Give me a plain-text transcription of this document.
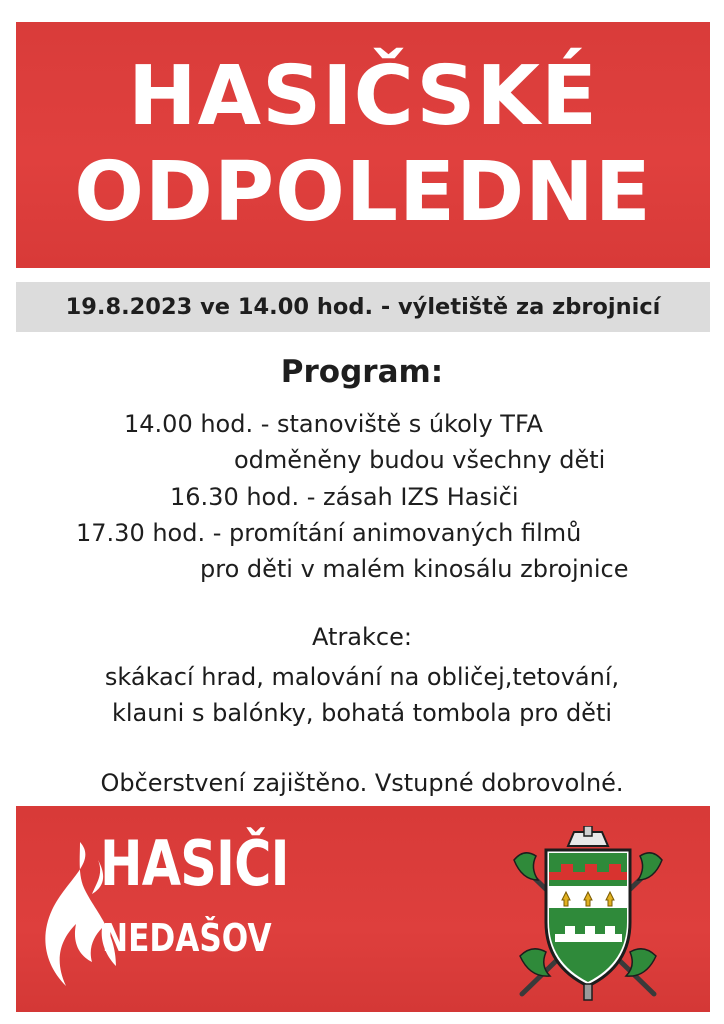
HASIČSKÉ
ODPOLEDNE
19.8.2023 ve 14.00 hod. - výletiště za zbrojnicí
Program:
14.00 hod. - stanoviště s úkoly TFA
odměněny budou všechny děti
16.30 hod. - zásah IZS Hasiči
17.30 hod. - promítání animovaných filmů
pro děti v malém kinosálu zbrojnice
Atrakce:
skákací hrad, malování na obličej,tetování,
klauni s balónky, bohatá tombola pro děti
Občerstvení zajištěno. Vstupné dobrovolné.
HASIČI
NEDAŠOV
